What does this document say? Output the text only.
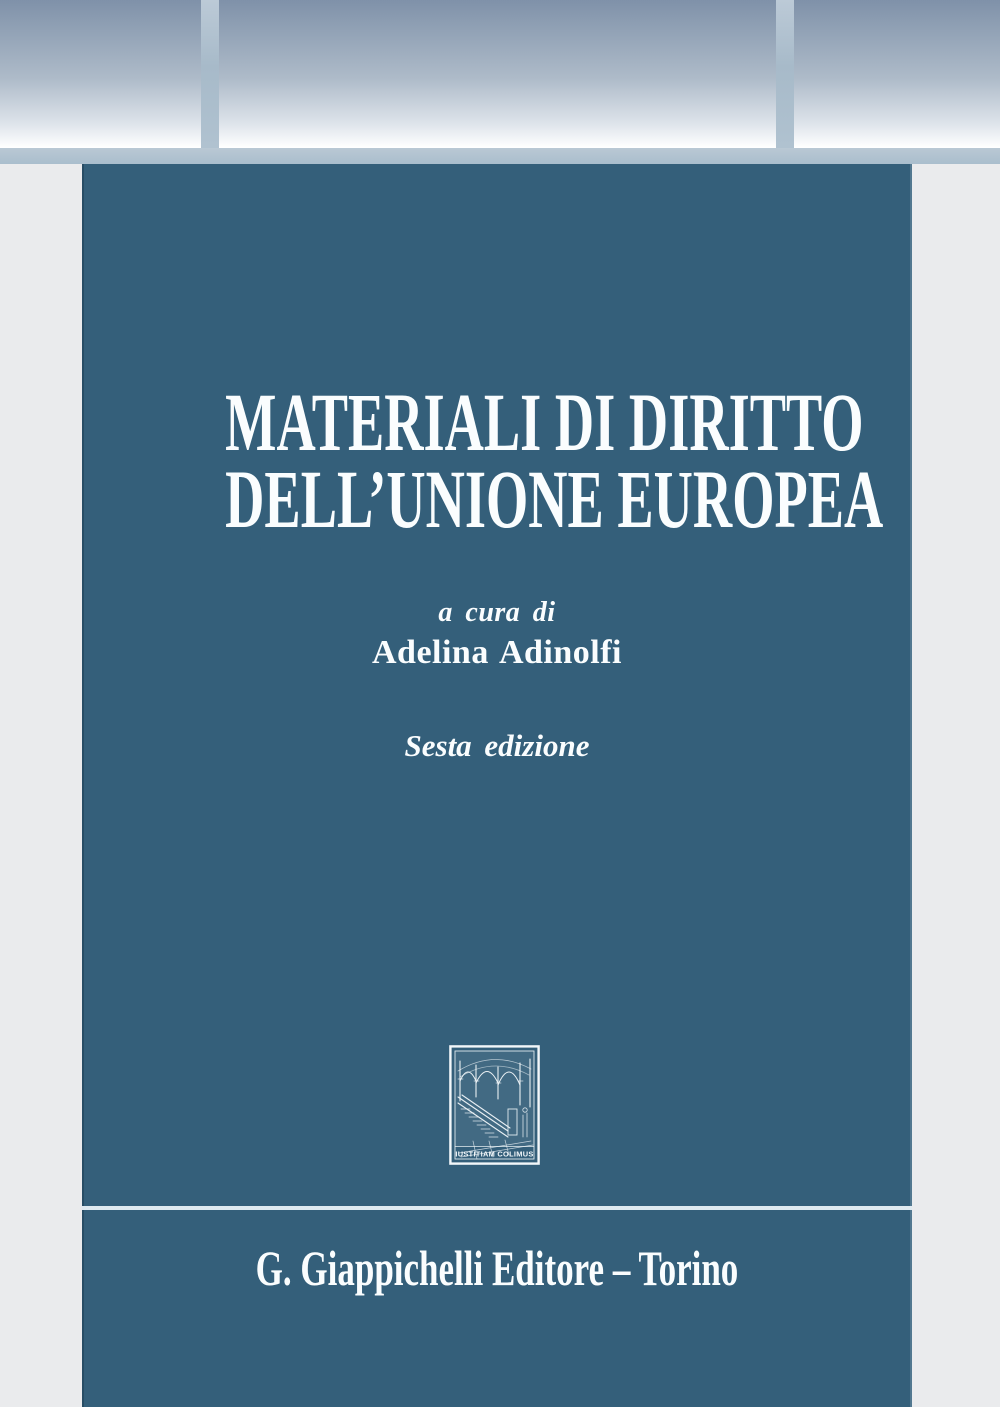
MATERIALI DI DIRITTO
DELL’UNIONE EUROPEA
a cura di
Adelina Adinolfi
Sesta edizione
IUSTITIAM COLIMUS
G. Giappichelli Editore – Torino
